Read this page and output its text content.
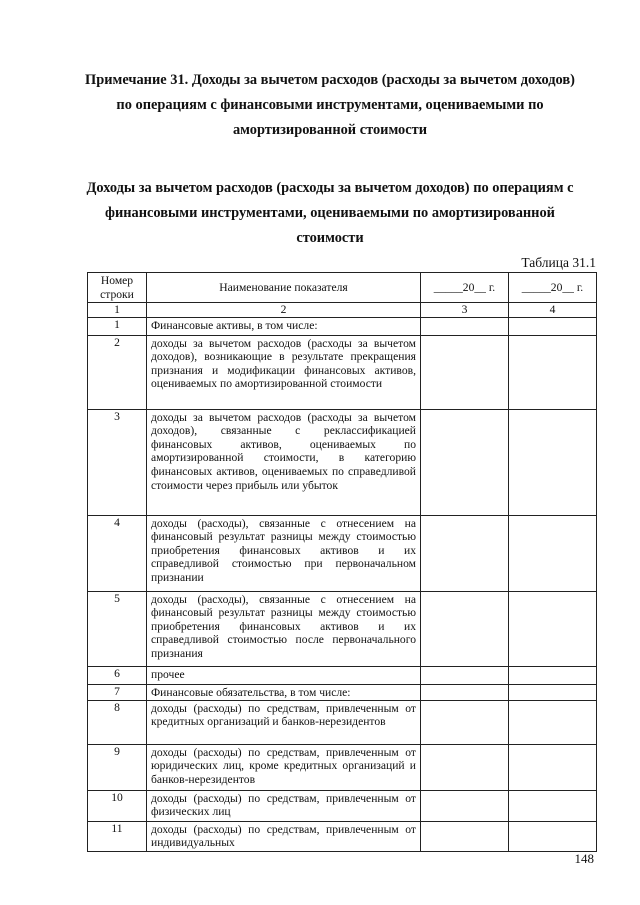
Примечание 31. Доходы за вычетом расходов (расходы за вычетом доходов) по операциям с финансовыми инструментами, оцениваемыми по амортизированной стоимости
Доходы за вычетом расходов (расходы за вычетом доходов) по операциям с финансовыми инструментами, оцениваемыми по амортизированной стоимости
Таблица 31.1
Номер строки	Наименование показателя	_____20__ г.	_____20__ г.
1	2	3	4
1	Финансовые активы, в том числе:		
2	доходы за вычетом расходов (расходы за вычетом доходов), возникающие в результате прекращения признания и модификации финансовых активов, оцениваемых по амортизированной стоимости		
3	доходы за вычетом расходов (расходы за вычетом доходов), связанные с реклассификацией финансовых активов, оцениваемых по амортизированной стоимости, в категорию финансовых активов, оцениваемых по справедливой стоимости через прибыль или убыток		
4	доходы (расходы), связанные с отнесением на финансовый результат разницы между стоимостью приобретения финансовых активов и их справедливой стоимостью при первоначальном признании		
5	доходы (расходы), связанные с отнесением на финансовый результат разницы между стоимостью приобретения финансовых активов и их справедливой стоимостью после первоначального признания		
6	прочее		
7	Финансовые обязательства, в том числе:		
8	доходы (расходы) по средствам, привлеченным от кредитных организаций и банков-нерезидентов		
9	доходы (расходы) по средствам, привлеченным от юридических лиц, кроме кредитных организаций и банков-нерезидентов		
10	доходы (расходы) по средствам, привлеченным от физических лиц		
11	доходы (расходы) по средствам, привлеченным от индивидуальных		
148
